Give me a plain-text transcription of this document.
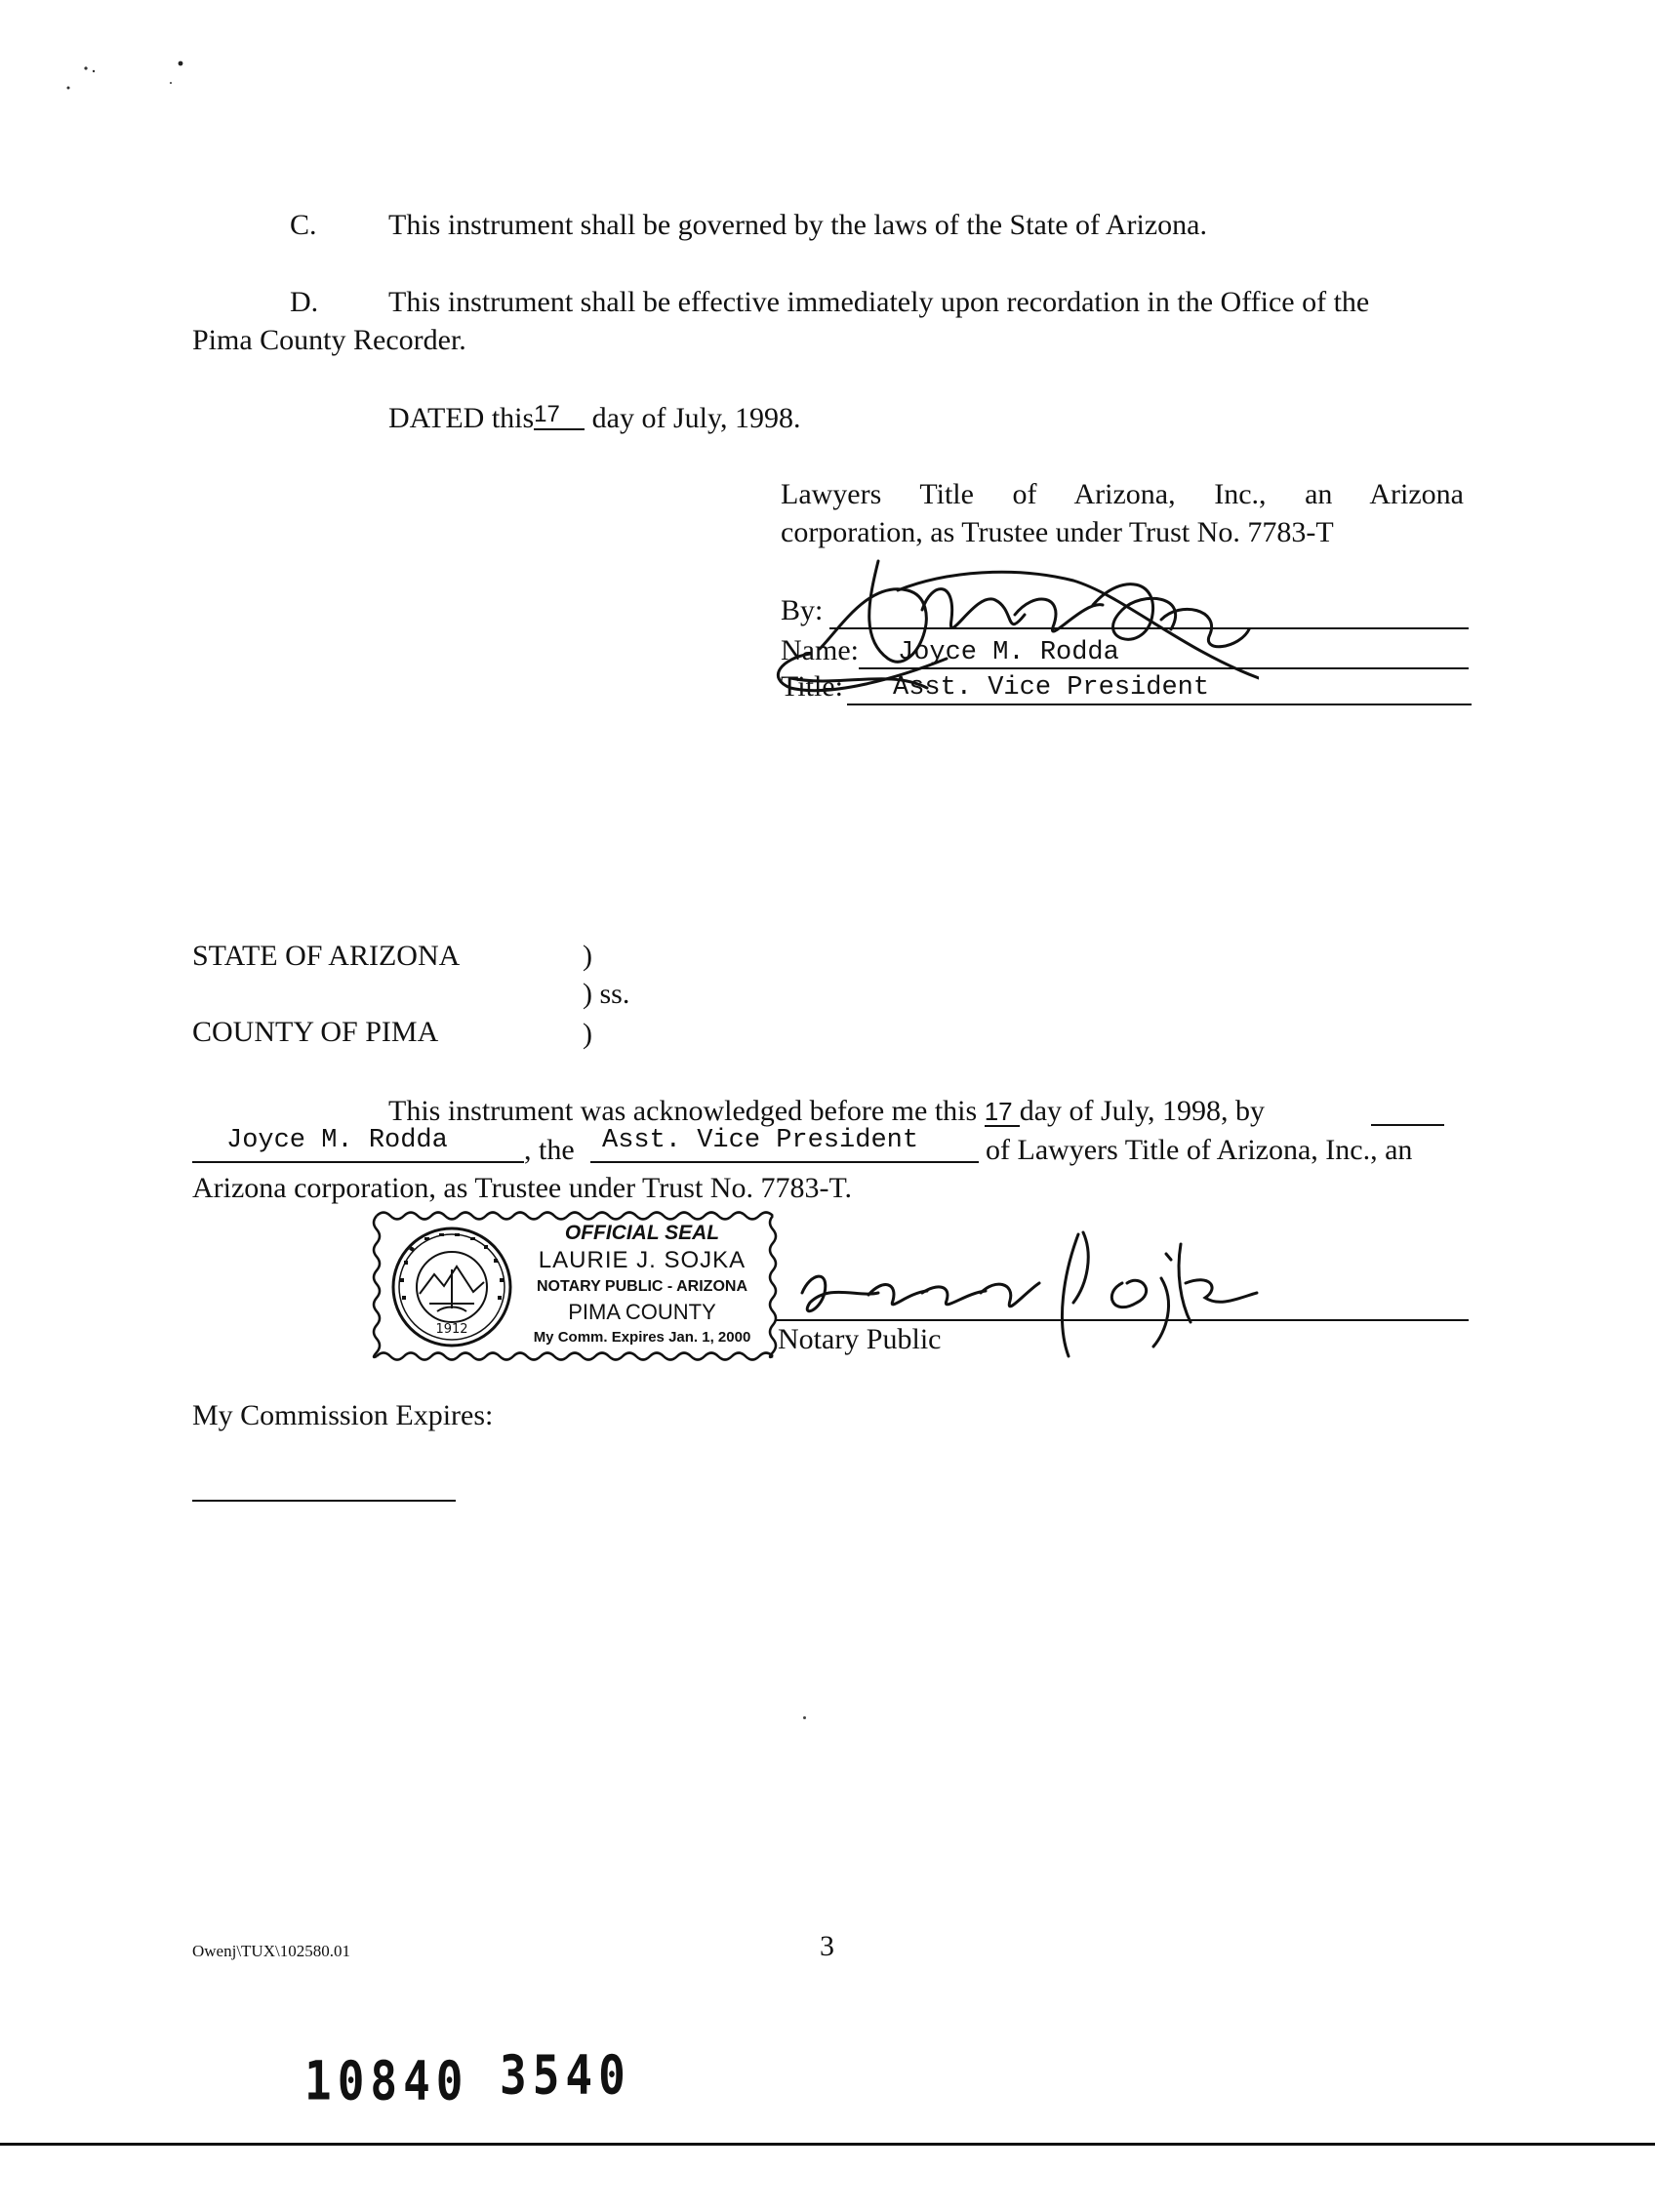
C. This instrument shall be governed by the laws of the State of Arizona.
D. This instrument shall be effective immediately upon recordation in the Office of the
Pima County Recorder.
DATED this17 day of July, 1998.
Lawyers Title of Arizona, Inc., an Arizona
corporation, as Trustee under Trust No. 7783-T
By:
Name: Joyce M. Rodda
Title: Asst. Vice President
STATE OF ARIZONA	)
) ss.
COUNTY OF PIMA	)
This instrument was acknowledged before me this 17 day of July, 1998, by
Joyce M. Rodda	, the Asst. Vice President of Lawyers Title of Arizona, Inc., an
Arizona corporation, as Trustee under Trust No. 7783-T.
1912
OFFICIAL SEAL
LAURIE J. SOJKA
NOTARY PUBLIC - ARIZONA
PIMA COUNTY
My Comm. Expires Jan. 1, 2000 Notary Public
My Commission Expires:
Owenj\TUX\102580.01	3
10840 3540
